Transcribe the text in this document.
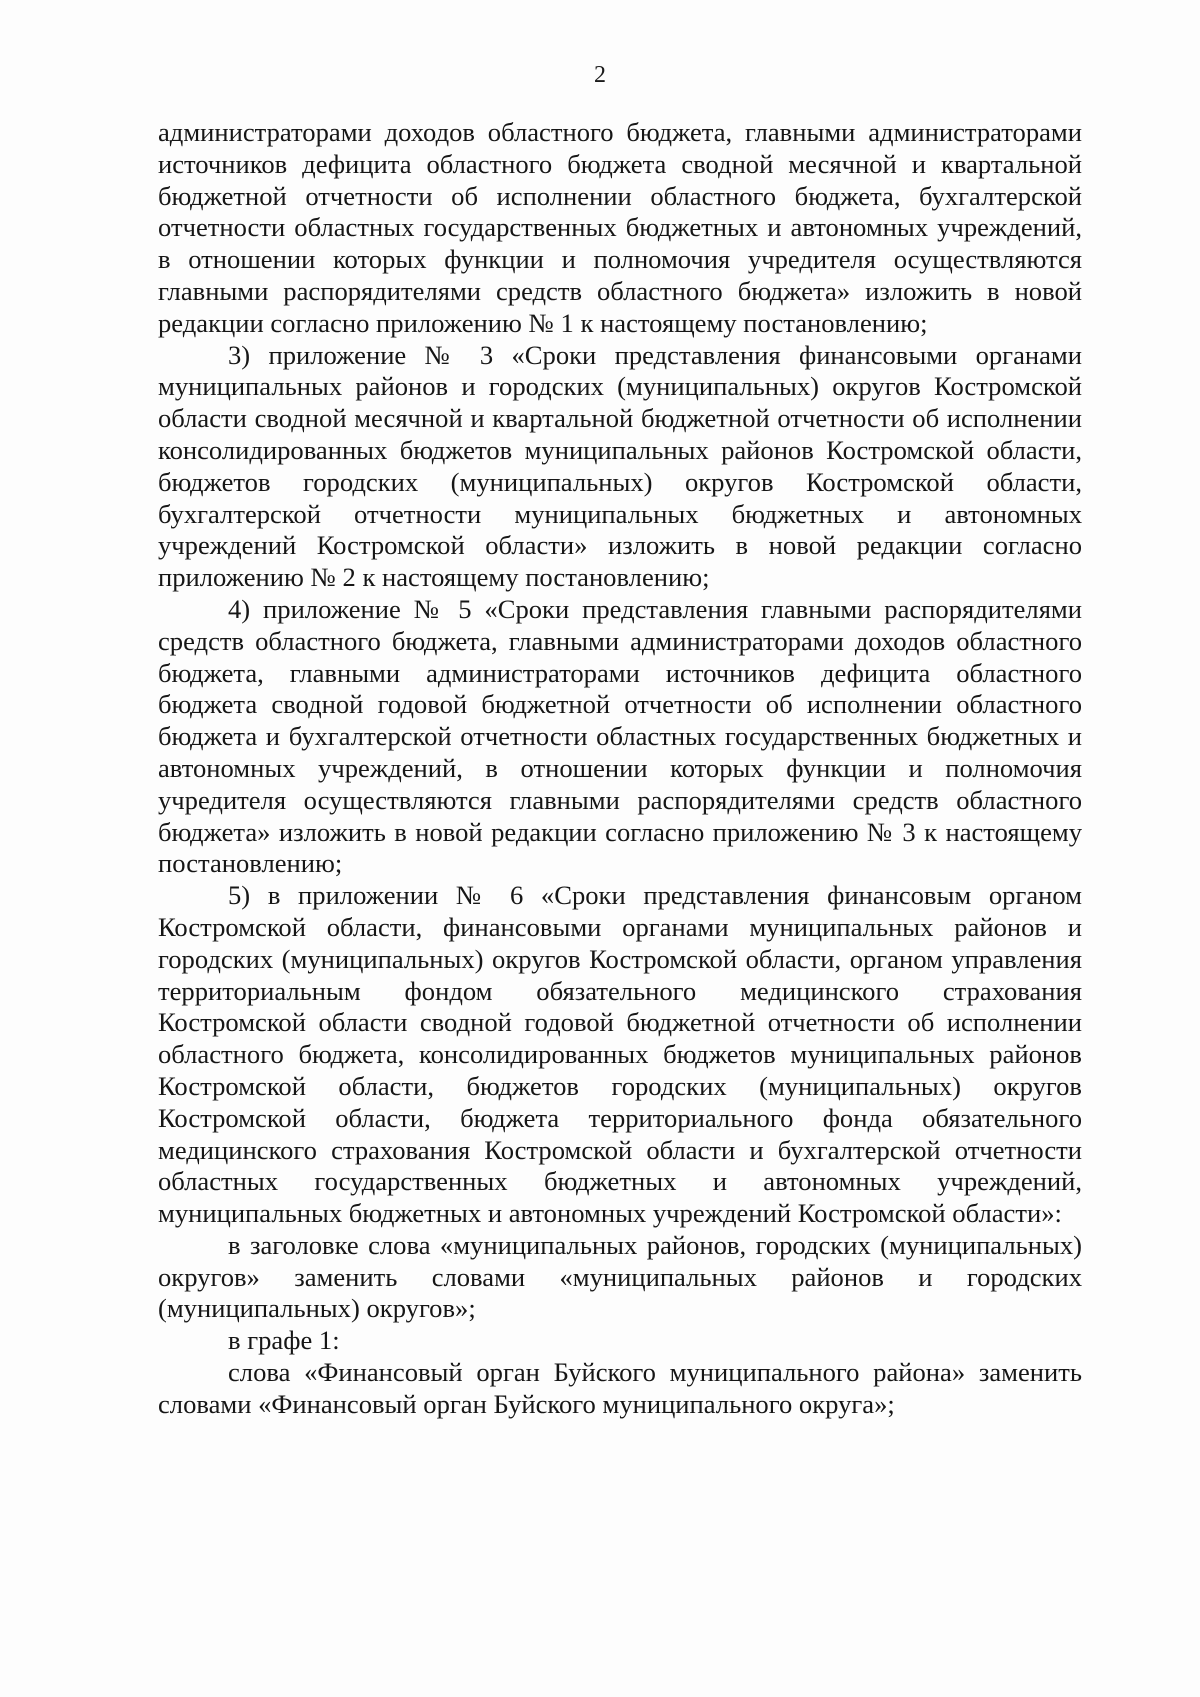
2

администраторами доходов областного бюджета, главными администраторами источников дефицита областного бюджета сводной месячной и квартальной бюджетной отчетности об исполнении областного бюджета, бухгалтерской отчетности областных государственных бюджетных и автономных учреждений, в отношении которых функции и полномочия учредителя осуществляются главными распорядителями средств областного бюджета» изложить в новой редакции согласно приложению № 1 к настоящему постановлению;

3) приложение № 3 «Сроки представления финансовыми органами муниципальных районов и городских (муниципальных) округов Костромской области сводной месячной и квартальной бюджетной отчетности об исполнении консолидированных бюджетов муниципальных районов Костромской области, бюджетов городских (муниципальных) округов Костромской области, бухгалтерской отчетности муниципальных бюджетных и автономных учреждений Костромской области» изложить в новой редакции согласно приложению № 2 к настоящему постановлению;

4) приложение № 5 «Сроки представления главными распорядителями средств областного бюджета, главными администраторами доходов областного бюджета, главными администраторами источников дефицита областного бюджета сводной годовой бюджетной отчетности об исполнении областного бюджета и бухгалтерской отчетности областных государственных бюджетных и автономных учреждений, в отношении которых функции и полномочия учредителя осуществляются главными распорядителями средств областного бюджета» изложить в новой редакции согласно приложению № 3 к настоящему постановлению;

5) в приложении № 6 «Сроки представления финансовым органом Костромской области, финансовыми органами муниципальных районов и городских (муниципальных) округов Костромской области, органом управления территориальным фондом обязательного медицинского страхования Костромской области сводной годовой бюджетной отчетности об исполнении областного бюджета, консолидированных бюджетов муниципальных районов Костромской области, бюджетов городских (муниципальных) округов Костромской области, бюджета территориального фонда обязательного медицинского страхования Костромской области и бухгалтерской отчетности областных государственных бюджетных и автономных учреждений, муниципальных бюджетных и автономных учреждений Костромской области»:

в заголовке слова «муниципальных районов, городских (муниципальных) округов» заменить словами «муниципальных районов и городских (муниципальных) округов»;

в графе 1:

слова «Финансовый орган Буйского муниципального района» заменить словами «Финансовый орган Буйского муниципального округа»;
